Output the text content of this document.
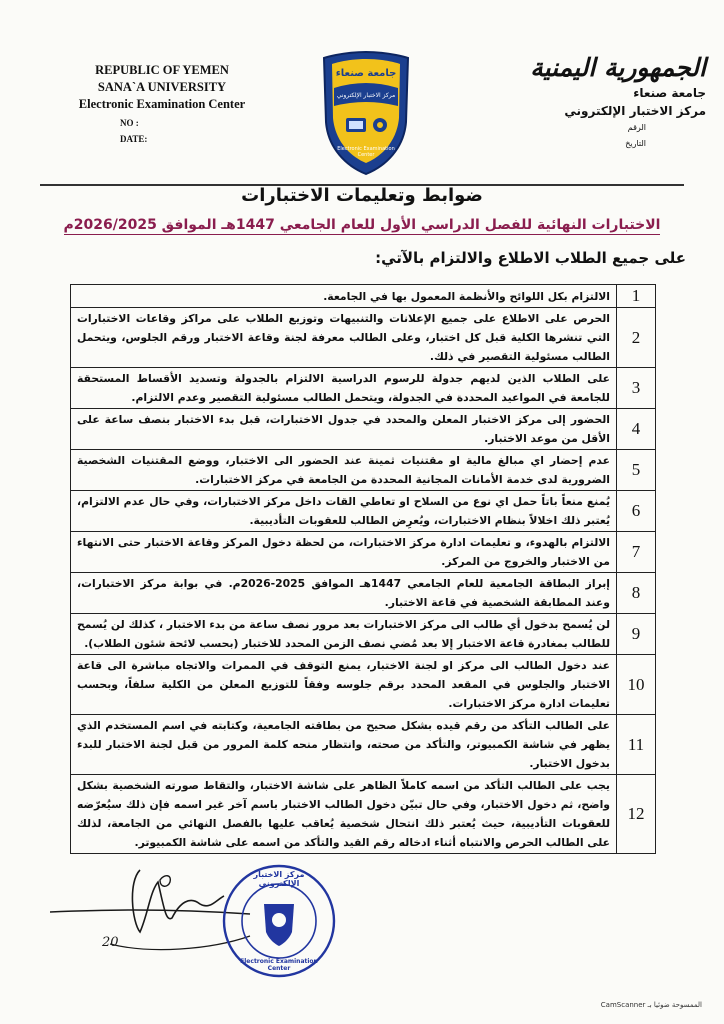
REPUBLIC OF YEMEN
SANA`A UNIVERSITY
Electronic Examination Center
NO :
DATE:
جامعة صنعاء
مركز الاختبار الإلكتروني
Electronic Examination Center
الجمهورية اليمنية
جامعة صنعاء
مركز الاختبار الإلكتروني
الرقم
التاريخ
ضوابط وتعليمات الاختبارات
الاختبارات النهائية للفصل الدراسي الأول للعام الجامعي 1447هـ الموافق 2026/2025م
على جميع الطلاب الاطلاع والالتزام بالآتي:
1	الالتزام بكل اللوائح والأنظمة المعمول بها في الجامعة.
2	الحرص على الاطلاع على جميع الإعلانات والتنبيهات وتوزيع الطلاب على مراكز وقاعات الاختبارات التي تنشرها الكلية قبل كل اختبار، وعلى الطالب معرفة لجنة وقاعة الاختبار ورقم الجلوس، ويتحمل الطالب مسئولية التقصير في ذلك.
3	على الطلاب الذين لديهم جدولة للرسوم الدراسية الالتزام بالجدولة وتسديد الأقساط المستحقة للجامعة في المواعيد المحددة في الجدولة، ويتحمل الطالب مسئولية التقصير وعدم الالتزام.
4	الحضور إلى مركز الاختبار المعلن والمحدد في جدول الاختبارات، قبل بدء الاختبار بنصف ساعة على الأقل من موعد الاختبار.
5	عدم إحضار اي مبالغ مالية او مقتنيات ثمينة عند الحضور الى الاختبار، ووضع المقتنيات الشخصية الضرورية لدى خدمة الأمانات المجانية المحددة من الجامعة في مركز الاختبارات.
6	يُمنع منعاً باتاً حمل اي نوع من السلاح او تعاطي القات داخل مركز الاختبارات، وفي حال عدم الالتزام، يُعتبر ذلك اخلالاً بنظام الاختبارات، ويُعرِض الطالب للعقوبات التأديبية.
7	الالتزام بالهدوء، و تعليمات ادارة مركز الاختبارات، من لحظة دخول المركز وقاعة الاختبار حتى الانتهاء من الاختبار والخروج من المركز.
8	إبراز البطاقة الجامعية للعام الجامعي 1447هـ الموافق 2025-2026م. في بوابة مركز الاختبارات، وعند المطابقة الشخصية في قاعة الاختبار.
9	لن يُسمح بدخول أي طالب الى مركز الاختبارات بعد مرور نصف ساعة من بدء الاختبار ، كذلك لن يُسمح للطالب بمغادرة قاعة الاختبار إلا بعد مُضي نصف الزمن المحدد للاختبار (بحسب لائحة شئون الطلاب).
10	عند دخول الطالب الى مركز او لجنة الاختبار، يمنع التوقف في الممرات والاتجاه مباشرة الى قاعة الاختبار والجلوس في المقعد المحدد برقم جلوسه وفقاً للتوزيع المعلن من الكلية سلفاً، وبحسب تعليمات ادارة مركز الاختبارات.
11	على الطالب التأكد من رقم قيده بشكل صحيح من بطاقته الجامعية، وكتابته في اسم المستخدم الذي يظهر في شاشة الكمبيوتر، والتأكد من صحته، وانتظار منحه كلمة المرور من قبل لجنة الاختبار للبدء بدخول الاختبار.
12	يجب على الطالب التأكد من اسمه كاملاً الظاهر على شاشة الاختبار، والتقاط صورته الشخصية بشكل واضح، ثم دخول الاختبار، وفي حال تبيّن دخول الطالب الاختبار باسم آخر غير اسمه فإن ذلك سيُعرّضه للعقوبات التأديبية، حيث يُعتبر ذلك انتحال شخصية يُعاقب عليها بالفصل النهائي من الجامعة، لذلك على الطالب الحرص والانتباه أثناء ادخاله رقم القيد والتأكد من اسمه على شاشة الكمبيوتر.
20
مركز الاختبار الإلكتروني
Electronic Examination Center
الممسوحة ضوئيا بـ CamScanner
